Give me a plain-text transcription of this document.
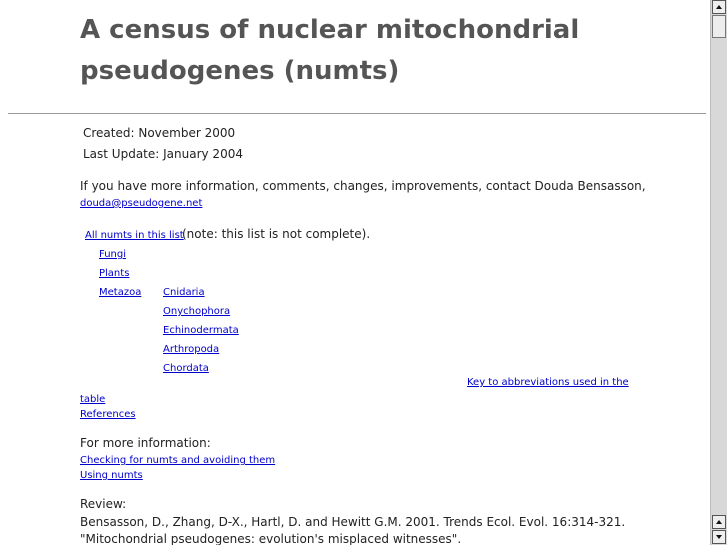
A census of nuclear mitochondrial
pseudogenes (numts)
Created: November 2000
Last Update: January 2004
If you have more information, comments, changes, improvements, contact Douda Bensasson,
douda@pseudogene.net
All numts in this list
(note: this list is not complete).
Fungi
Plants
Metazoa Cnidaria
Onychophora
Echinodermata
Arthropoda
Chordata
Key to abbreviations used in the
table
References
For more information:
Checking for numts and avoiding them
Using numts
Review:
Bensasson, D., Zhang, D-X., Hartl, D. and Hewitt G.M. 2001. Trends Ecol. Evol. 16:314-321.
"Mitochondrial pseudogenes: evolution's misplaced witnesses".
